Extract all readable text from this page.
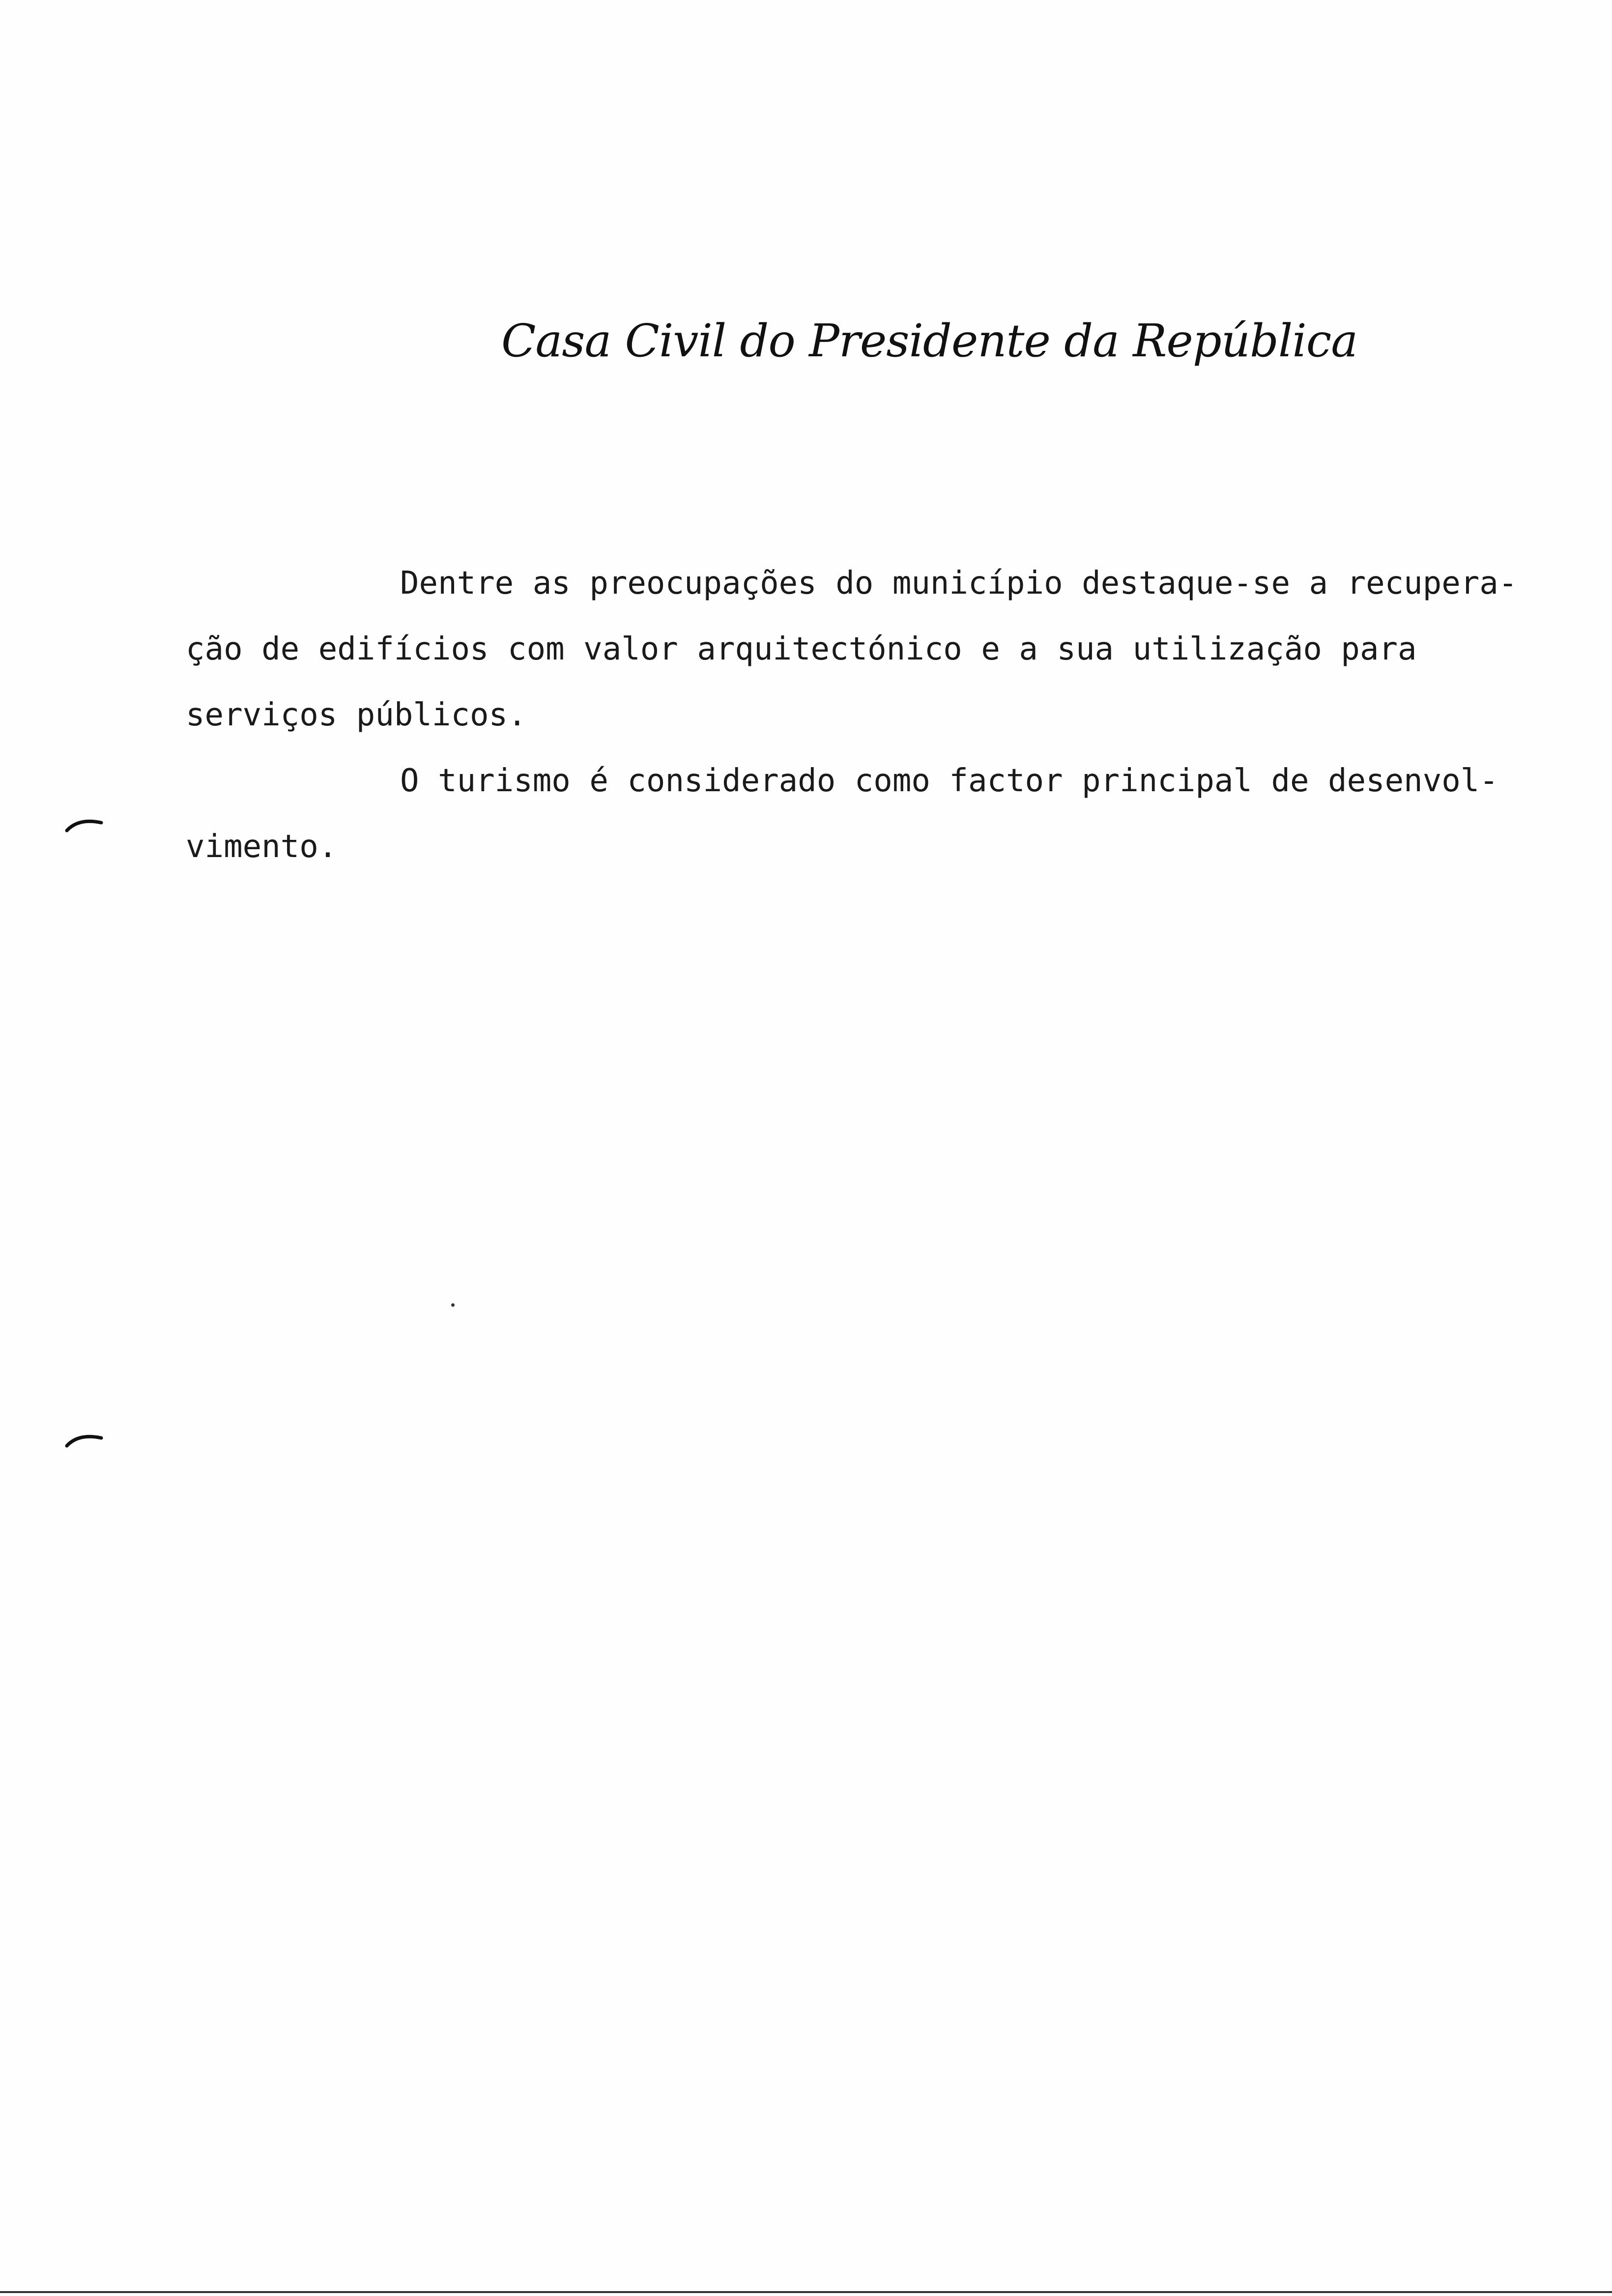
Casa Civil do Presidente da República
Dentre as preocupações do município destaque-se a recupera-
ção de edifícios com valor arquitectónico e a sua utilização para
serviços públicos.
O turismo é considerado como factor principal de desenvol-
vimento.
